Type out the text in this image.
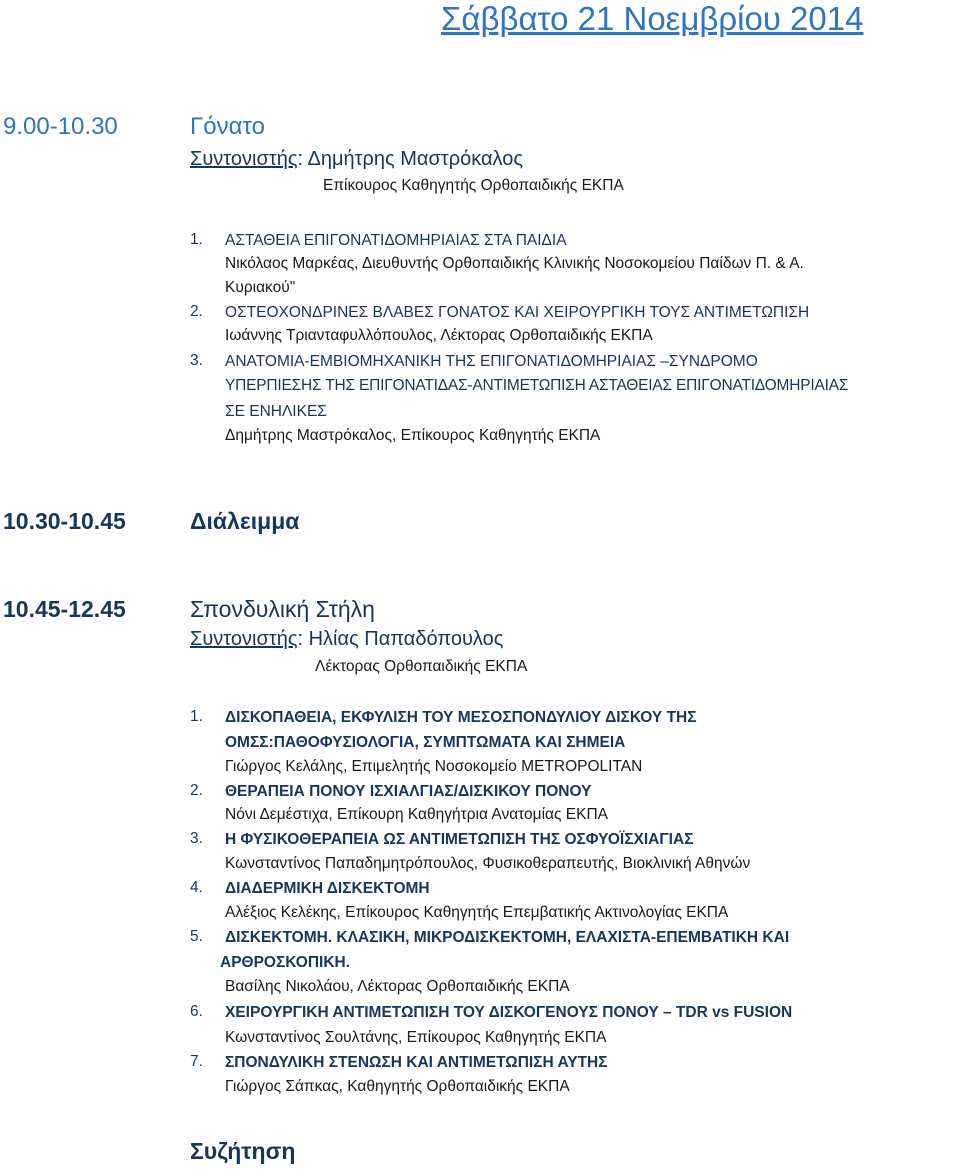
Σάββατο 21 Νοεμβρίου 2014
9.00-10.30	Γόνατο
Συντονιστής: Δημήτρης Μαστρόκαλος
Επίκουρος Καθηγητής Ορθοπαιδικής ΕΚΠΑ
1. ΑΣΤΑΘΕΙΑ ΕΠΙΓΟΝΑΤΙΔΟΜΗΡΙΑΙΑΣ ΣΤΑ ΠΑΙΔΙΑ
Νικόλαος Μαρκέας, Διευθυντής Ορθοπαιδικής Κλινικής Νοσοκομείου Παίδων Π. & Α.
Κυριακού"
2. ΟΣΤΕΟΧΟΝΔΡΙΝΕΣ ΒΛΑΒΕΣ ΓΟΝΑΤΟΣ ΚΑΙ ΧΕΙΡΟΥΡΓΙΚΗ ΤΟΥΣ ΑΝΤΙΜΕΤΩΠΙΣΗ
Ιωάννης Τριανταφυλλόπουλος, Λέκτορας Ορθοπαιδικής ΕΚΠΑ
3. ΑΝΑΤΟΜΙΑ-ΕΜΒΙΟΜΗΧΑΝΙΚΗ ΤΗΣ ΕΠΙΓΟΝΑΤΙΔΟΜΗΡΙΑΙΑΣ –ΣΥΝΔΡΟΜΟ
ΥΠΕΡΠΙΕΣΗΣ ΤΗΣ ΕΠΙΓΟΝΑΤΙΔΑΣ-ΑΝΤΙΜΕΤΩΠΙΣΗ ΑΣΤΑΘΕΙΑΣ ΕΠΙΓΟΝΑΤΙΔΟΜΗΡΙΑΙΑΣ
ΣΕ ΕΝΗΛΙΚΕΣ
Δημήτρης Μαστρόκαλος, Επίκουρος Καθηγητής ΕΚΠΑ
10.30-10.45	Διάλειμμα
10.45-12.45	Σπονδυλική Στήλη
Συντονιστής: Ηλίας Παπαδόπουλος
Λέκτορας Ορθοπαιδικής ΕΚΠΑ
1. ΔΙΣΚΟΠΑΘΕΙΑ, ΕΚΦΥΛΙΣΗ ΤΟΥ ΜΕΣΟΣΠΟΝΔΥΛΙΟΥ ΔΙΣΚΟΥ ΤΗΣ
ΟΜΣΣ:ΠΑΘΟΦΥΣΙΟΛΟΓΙΑ, ΣΥΜΠΤΩΜΑΤΑ ΚΑΙ ΣΗΜΕΙΑ
Γιώργος Κελάλης, Επιμελητής Νοσοκομείο METROPOLITAN
2. ΘΕΡΑΠΕΙΑ ΠΟΝΟΥ ΙΣΧΙΑΛΓΙΑΣ/ΔΙΣΚΙΚΟΥ ΠΟΝΟΥ
Νόνι Δεμέστιχα, Επίκουρη Καθηγήτρια Ανατομίας ΕΚΠΑ
3. Η ΦΥΣΙΚΟΘΕΡΑΠΕΙΑ ΩΣ ΑΝΤΙΜΕΤΩΠΙΣΗ ΤΗΣ ΟΣΦΥΟΪΣΧΙΑΓΙΑΣ
Κωνσταντίνος Παπαδημητρόπουλος, Φυσικοθεραπευτής, Βιοκλινική Αθηνών
4. ΔΙΑΔΕΡΜΙΚΗ ΔΙΣΚΕΚΤΟΜΗ
Αλέξιος Κελέκης, Επίκουρος Καθηγητής Επεμβατικής Ακτινολογίας ΕΚΠΑ
5. ΔΙΣΚΕΚΤΟΜΗ. ΚΛΑΣΙΚΗ, ΜΙΚΡΟΔΙΣΚΕΚΤΟΜΗ, ΕΛΑΧΙΣΤΑ-ΕΠΕΜΒΑΤΙΚΗ ΚΑΙ
ΑΡΘΡΟΣΚΟΠΙΚΗ.
Βασίλης Νικολάου, Λέκτορας Ορθοπαιδικής ΕΚΠΑ
6. ΧΕΙΡΟΥΡΓΙΚΗ ΑΝΤΙΜΕΤΩΠΙΣΗ ΤΟΥ ΔΙΣΚΟΓΕΝΟΥΣ ΠΟΝΟΥ – TDR vs FUSION
Κωνσταντίνος Σουλτάνης, Επίκουρος Καθηγητής ΕΚΠΑ
7. ΣΠΟΝΔΥΛΙΚΗ ΣΤΕΝΩΣΗ ΚΑΙ ΑΝΤΙΜΕΤΩΠΙΣΗ ΑΥΤΗΣ
Γιώργος Σάπκας, Καθηγητής Ορθοπαιδικής ΕΚΠΑ
Συζήτηση
